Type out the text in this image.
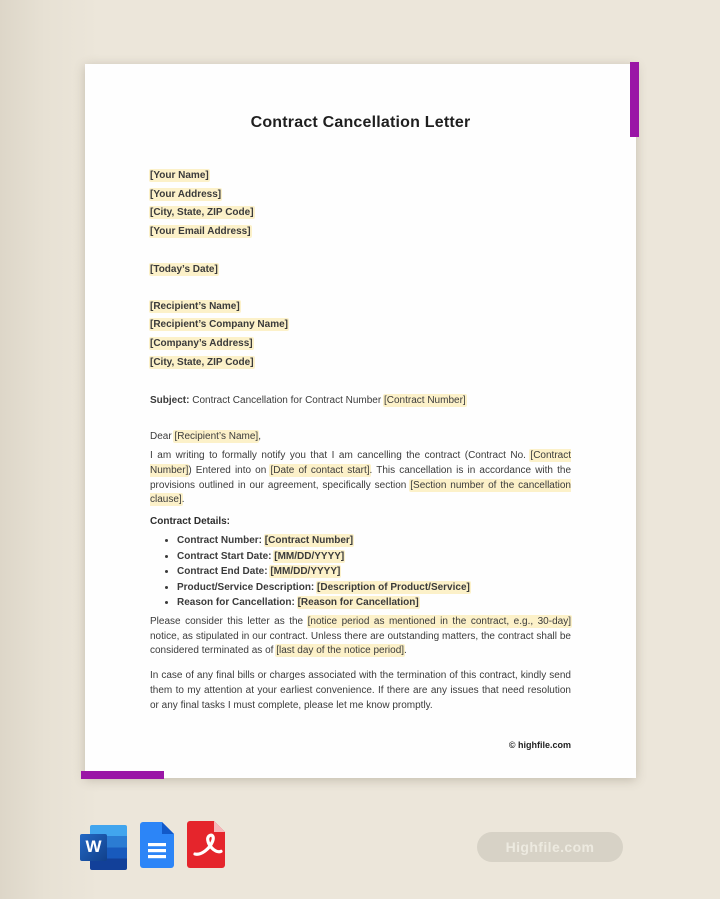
Contract Cancellation Letter
[Your Name]
[Your Address]
[City, State, ZIP Code]
[Your Email Address]
[Today’s Date]
[Recipient’s Name]
[Recipient’s Company Name]
[Company’s Address]
[City, State, ZIP Code]

Subject: Contract Cancellation for Contract Number [Contract Number]

Dear [Recipient’s Name],

I am writing to formally notify you that I am cancelling the contract (Contract No. [Contract Number]) Entered into on [Date of contact start]. This cancellation is in accordance with the provisions outlined in our agreement, specifically section [Section number of the cancellation clause].

Contract Details:

• Contract Number: [Contract Number]
• Contract Start Date: [MM/DD/YYYY]
• Contract End Date: [MM/DD/YYYY]
• Product/Service Description: [Description of Product/Service]
• Reason for Cancellation: [Reason for Cancellation]

Please consider this letter as the [notice period as mentioned in the contract, e.g., 30-day] notice, as stipulated in our contract. Unless there are outstanding matters, the contract shall be considered terminated as of [last day of the notice period].

In case of any final bills or charges associated with the termination of this contract, kindly send them to my attention at your earliest convenience. If there are any issues that need resolution or any final tasks I must complete, please let me know promptly.

© highfile.com
W	Highfile.com
